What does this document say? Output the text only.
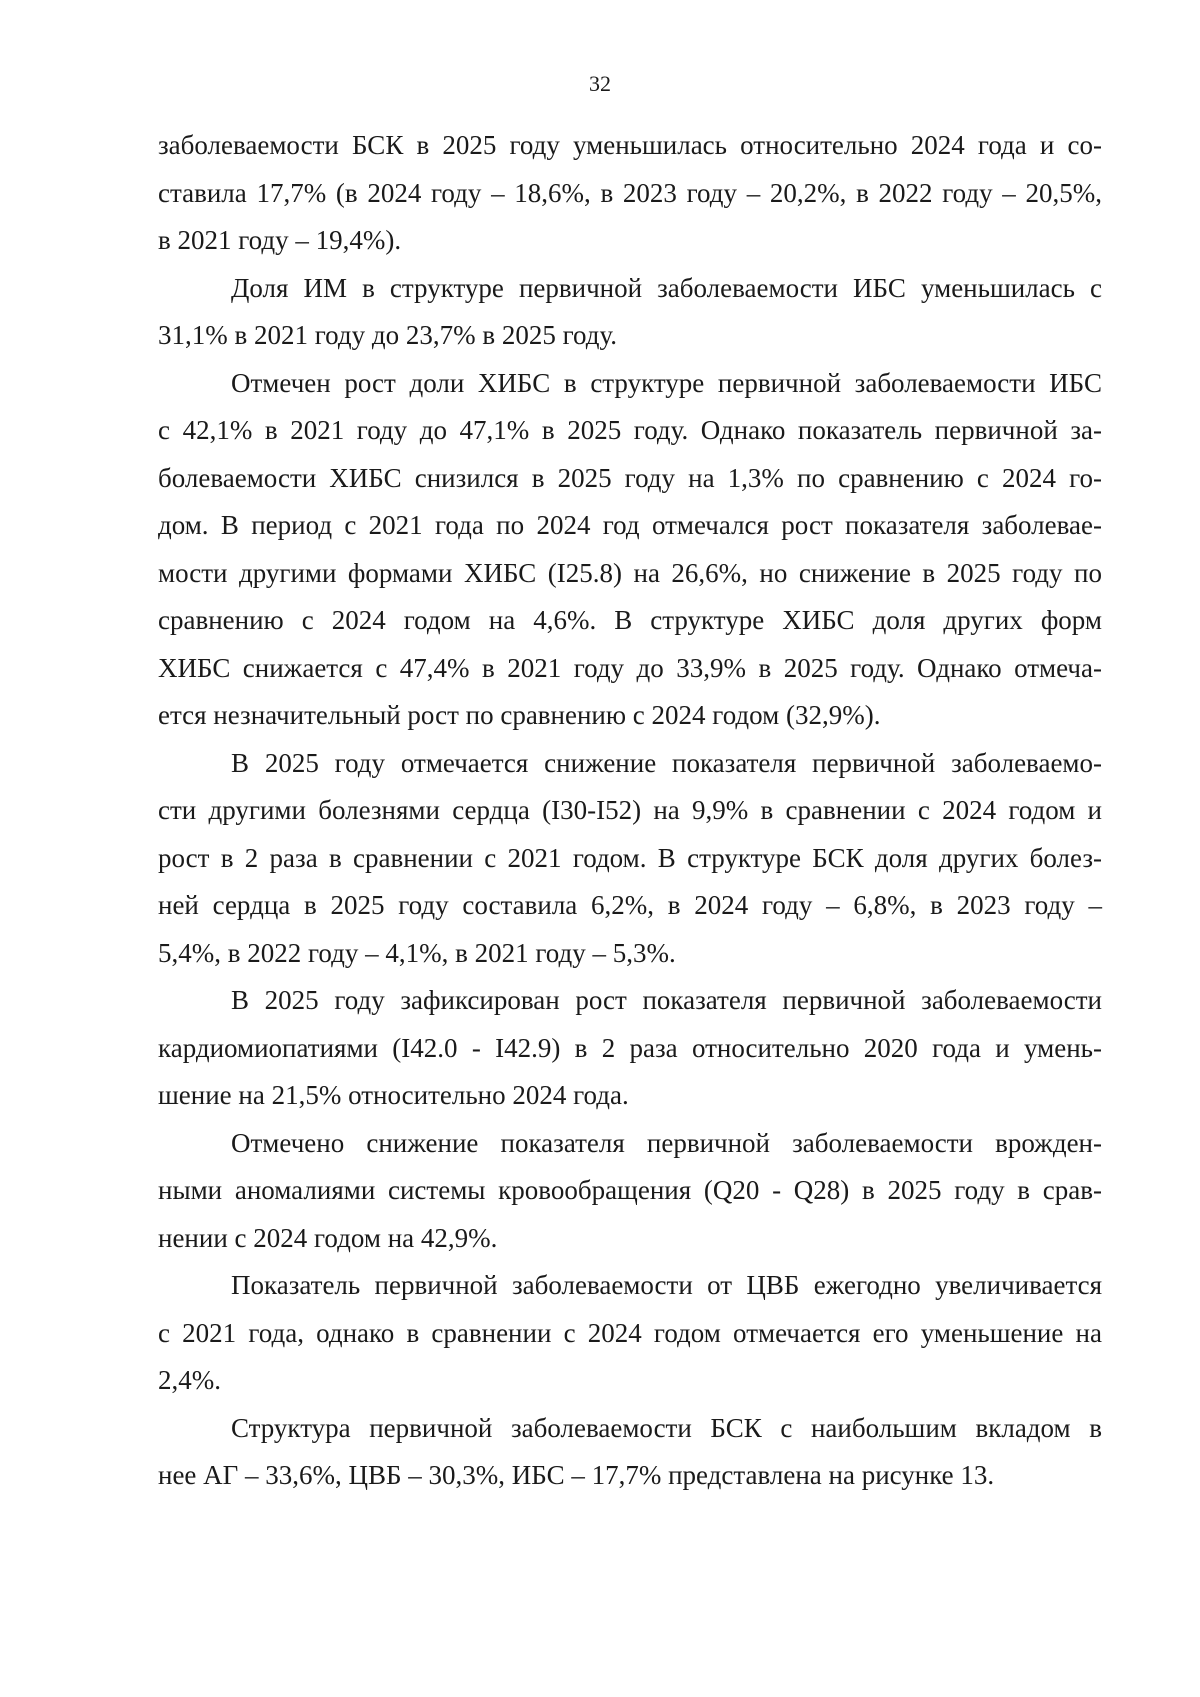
32
заболеваемости БСК в 2025 году уменьшилась относительно 2024 года и со-
ставила 17,7% (в 2024 году – 18,6%, в 2023 году – 20,2%, в 2022 году – 20,5%,
в 2021 году – 19,4%).
Доля ИМ в структуре первичной заболеваемости ИБС уменьшилась с
31,1% в 2021 году до 23,7% в 2025 году.
Отмечен рост доли ХИБС в структуре первичной заболеваемости ИБС
с 42,1% в 2021 году до 47,1% в 2025 году. Однако показатель первичной за-
болеваемости ХИБС снизился в 2025 году на 1,3% по сравнению с 2024 го-
дом. В период с 2021 года по 2024 год отмечался рост показателя заболевае-
мости другими формами ХИБС (I25.8) на 26,6%, но снижение в 2025 году по
сравнению с 2024 годом на 4,6%. В структуре ХИБС доля других форм
ХИБС снижается с 47,4% в 2021 году до 33,9% в 2025 году. Однако отмеча-
ется незначительный рост по сравнению с 2024 годом (32,9%).
В 2025 году отмечается снижение показателя первичной заболеваемо-
сти другими болезнями сердца (I30-I52) на 9,9% в сравнении с 2024 годом и
рост в 2 раза в сравнении с 2021 годом. В структуре БСК доля других болез-
ней сердца в 2025 году составила 6,2%, в 2024 году – 6,8%, в 2023 году –
5,4%, в 2022 году – 4,1%, в 2021 году – 5,3%.
В 2025 году зафиксирован рост показателя первичной заболеваемости
кардиомиопатиями (I42.0 - I42.9) в 2 раза относительно 2020 года и умень-
шение на 21,5% относительно 2024 года.
Отмечено снижение показателя первичной заболеваемости врожден-
ными аномалиями системы кровообращения (Q20 - Q28) в 2025 году в срав-
нении с 2024 годом на 42,9%.
Показатель первичной заболеваемости от ЦВБ ежегодно увеличивается
с 2021 года, однако в сравнении с 2024 годом отмечается его уменьшение на
2,4%.
Структура первичной заболеваемости БСК с наибольшим вкладом в
нее АГ – 33,6%, ЦВБ – 30,3%, ИБС – 17,7% представлена на рисунке 13.
